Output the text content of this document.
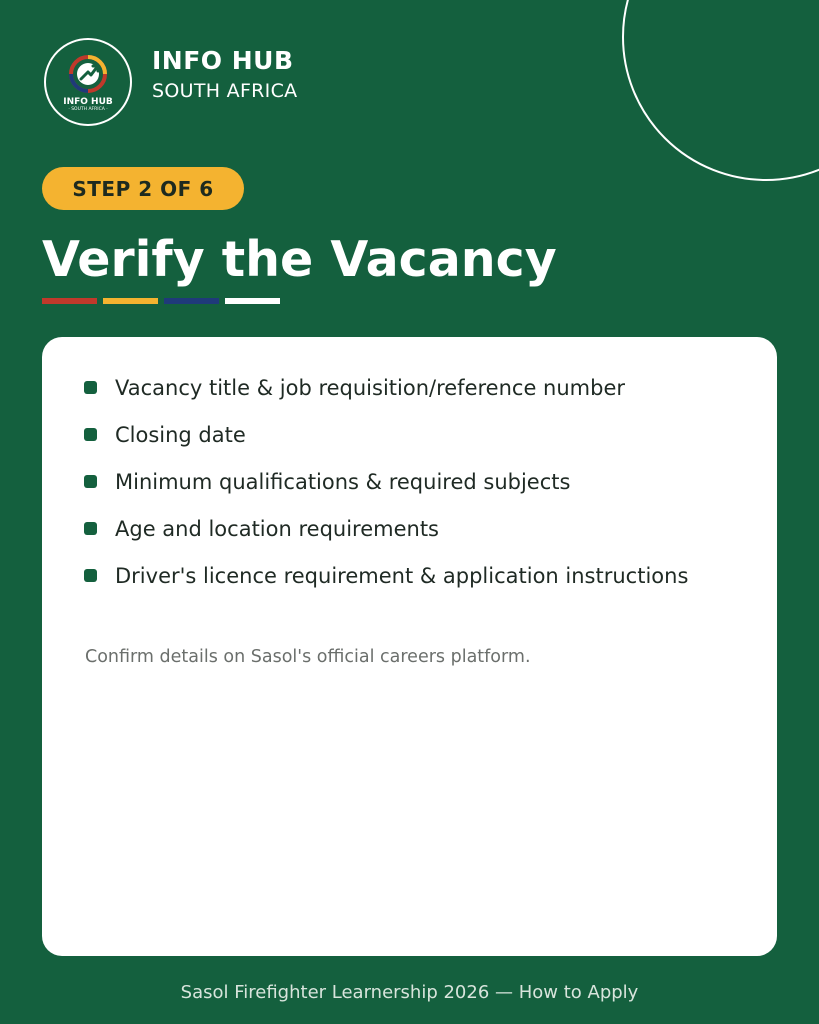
INFO HUB
· SOUTH AFRICA ·
INFO HUB
SOUTH AFRICA
STEP 2 OF 6
Verify the Vacancy
Vacancy title & job requisition/reference number
Closing date
Minimum qualifications & required subjects
Age and location requirements
Driver's licence requirement & application instructions
Confirm details on Sasol's official careers platform.
Sasol Firefighter Learnership 2026 — How to Apply
